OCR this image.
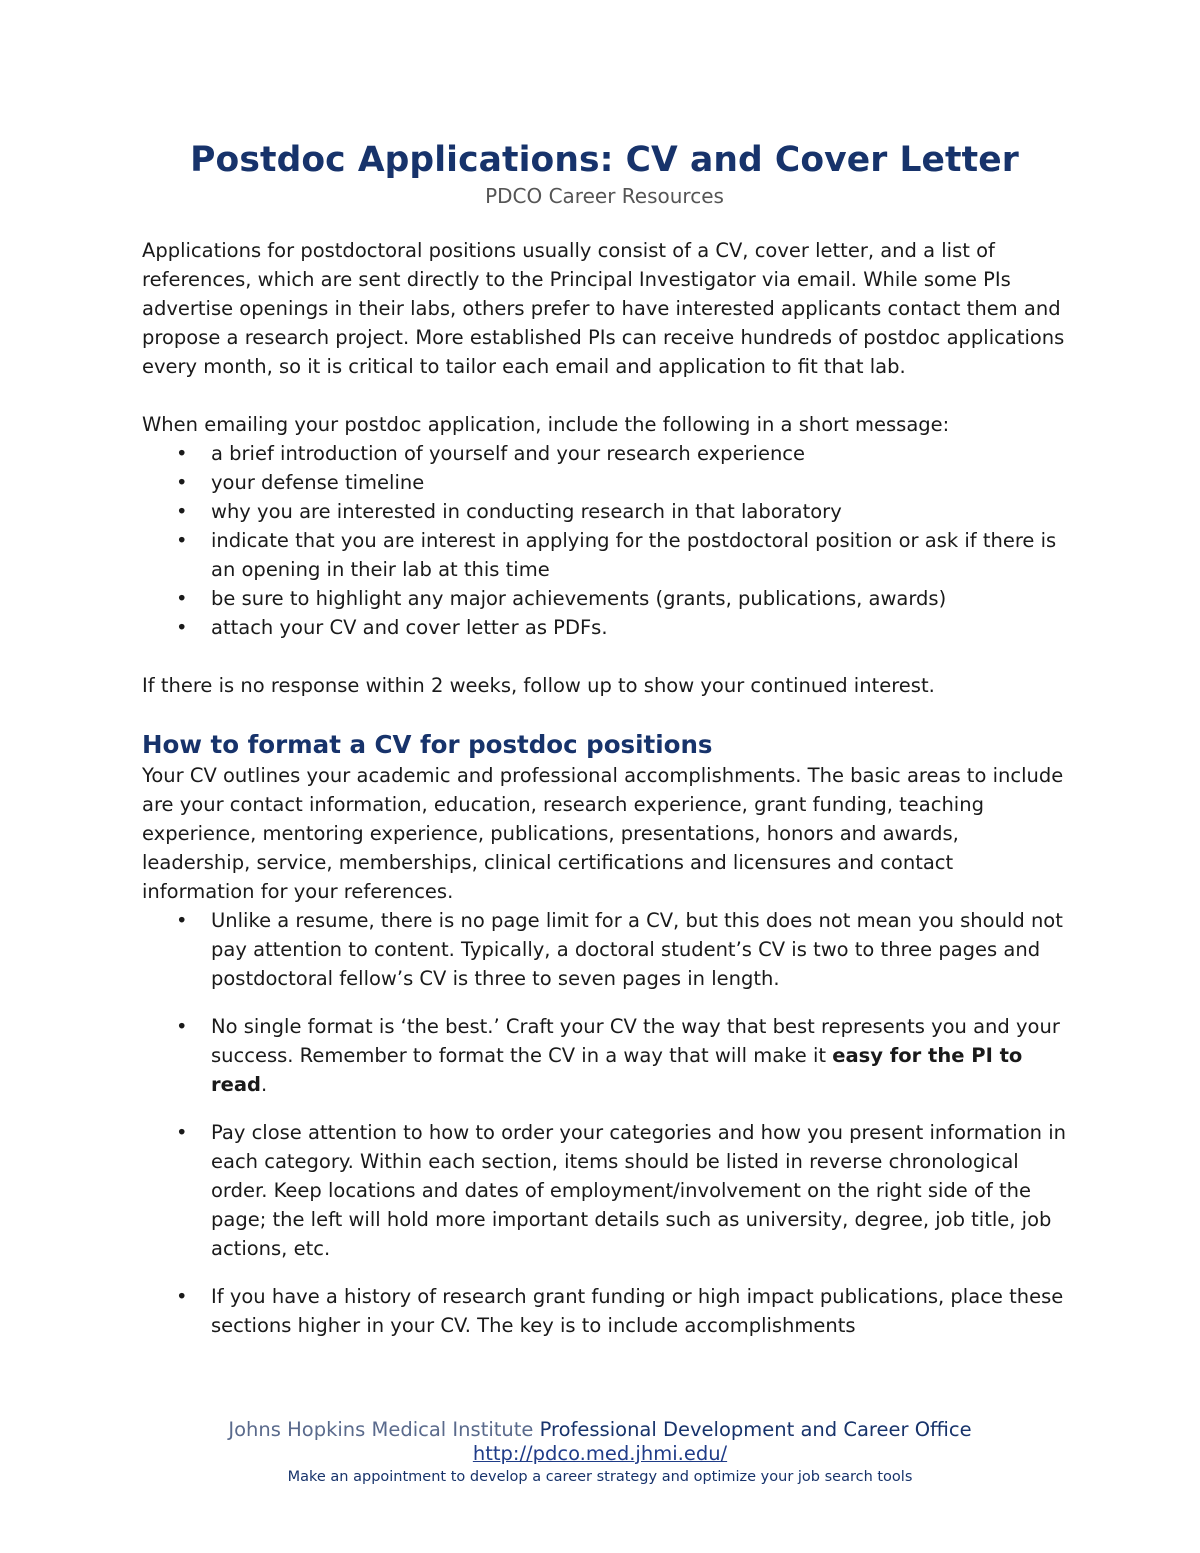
Postdoc Applications: CV and Cover Letter
PDCO Career Resources

Applications for postdoctoral positions usually consist of a CV, cover letter, and a list of references, which are sent directly to the Principal Investigator via email. While some PIs advertise openings in their labs, others prefer to have interested applicants contact them and propose a research project. More established PIs can receive hundreds of postdoc applications every month, so it is critical to tailor each email and application to fit that lab.

When emailing your postdoc application, include the following in a short message:

• a brief introduction of yourself and your research experience
• your defense timeline
• why you are interested in conducting research in that laboratory
• indicate that you are interest in applying for the postdoctoral position or ask if there is an opening in their lab at this time
• be sure to highlight any major achievements (grants, publications, awards)
• attach your CV and cover letter as PDFs.

If there is no response within 2 weeks, follow up to show your continued interest.

How to format a CV for postdoc positions

Your CV outlines your academic and professional accomplishments. The basic areas to include are your contact information, education, research experience, grant funding, teaching experience, mentoring experience, publications, presentations, honors and awards, leadership, service, memberships, clinical certifications and licensures and contact information for your references.

• Unlike a resume, there is no page limit for a CV, but this does not mean you should not pay attention to content. Typically, a doctoral student’s CV is two to three pages and postdoctoral fellow’s CV is three to seven pages in length.
• No single format is ‘the best.’ Craft your CV the way that best represents you and your success. Remember to format the CV in a way that will make it easy for the PI to read.
• Pay close attention to how to order your categories and how you present information in each category. Within each section, items should be listed in reverse chronological order. Keep locations and dates of employment/involvement on the right side of the page; the left will hold more important details such as university, degree, job title, job actions, etc.
• If you have a history of research grant funding or high impact publications, place these sections higher in your CV. The key is to include accomplishments
Johns Hopkins Medical Institute Professional Development and Career Office
http://pdco.med.jhmi.edu/
Make an appointment to develop a career strategy and optimize your job search tools
